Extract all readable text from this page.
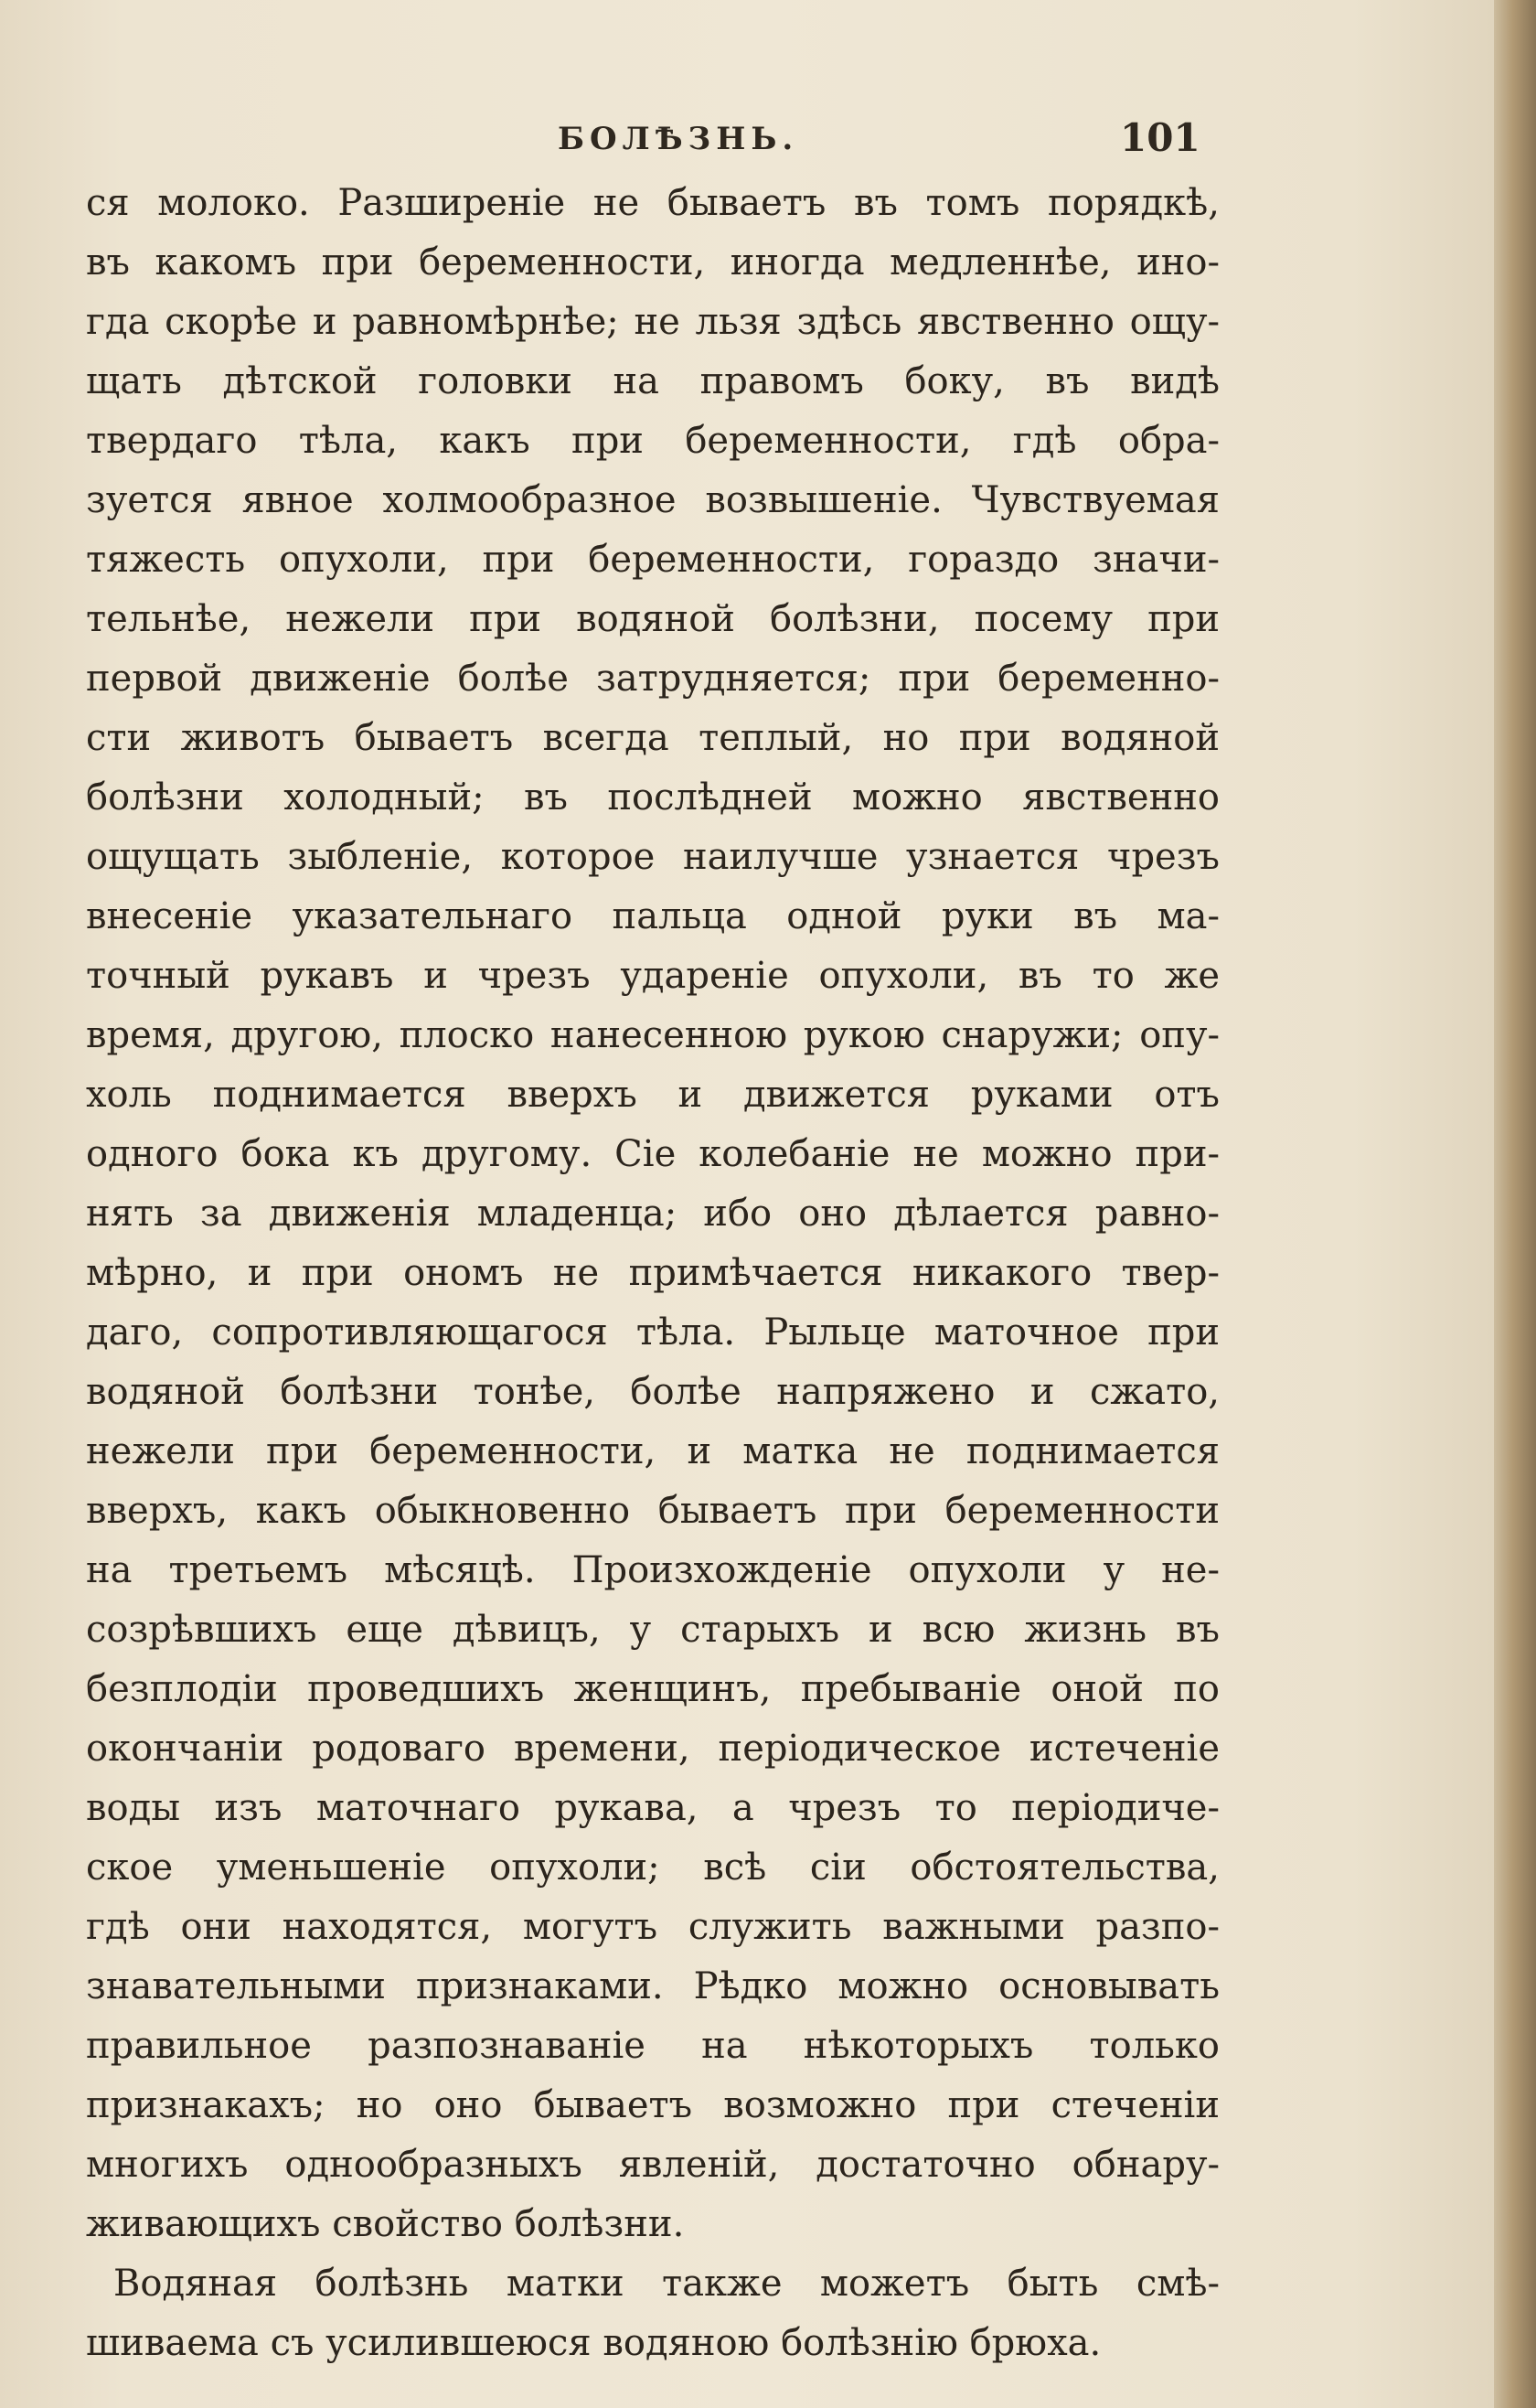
БОЛѢЗНЬ.	101
ся молоко. Разширеніе не бываетъ въ томъ порядкѣ,
въ какомъ при беременности, иногда медленнѣе, ино-
гда скорѣе и равномѣрнѣе; не льзя здѣсь явственно ощу-
щать дѣтской головки на правомъ боку, въ видѣ
твердаго тѣла, какъ при беременности, гдѣ обра-
зуется явное холмообразное возвышеніе. Чувствуемая
тяжесть опухоли, при беременности, гораздо значи-
тельнѣе, нежели при водяной болѣзни, посему при
первой движеніе болѣе затрудняется; при беременно-
сти животъ бываетъ всегда теплый, но при водяной
болѣзни холодный; въ послѣдней можно явственно
ощущать зыбленіе, которое наилучше узнается чрезъ
внесеніе указательнаго пальца одной руки въ ма-
точный рукавъ и чрезъ удареніе опухоли, въ то же
время, другою, плоско нанесенною рукою снаружи; опу-
холь поднимается вверхъ и движется руками отъ
одного бока къ другому. Сіе колебаніе не можно при-
нять за движенія младенца; ибо оно дѣлается равно-
мѣрно, и при ономъ не примѣчается никакого твер-
даго, сопротивляющагося тѣла. Рыльце маточное при
водяной болѣзни тонѣе, болѣе напряжено и сжато,
нежели при беременности, и матка не поднимается
вверхъ, какъ обыкновенно бываетъ при беременности
на третьемъ мѣсяцѣ. Произхожденіе опухоли у не-
созрѣвшихъ еще дѣвицъ, у старыхъ и всю жизнь въ
безплодіи проведшихъ женщинъ, пребываніе оной по
окончаніи родоваго времени, періодическое истеченіе
воды изъ маточнаго рукава, а чрезъ то періодиче-
ское уменьшеніе опухоли; всѣ сіи обстоятельства,
гдѣ они находятся, могутъ служить важными разпо-
знавательными признаками. Рѣдко можно основывать
правильное разпознаваніе на нѣкоторыхъ только
признакахъ; но оно бываетъ возможно при стеченіи
многихъ однообразныхъ явленій, достаточно обнару-
живающихъ свойство болѣзни.
Водяная болѣзнь матки также можетъ быть смѣ-
шиваема съ усилившеюся водяною болѣзнію брюха.
